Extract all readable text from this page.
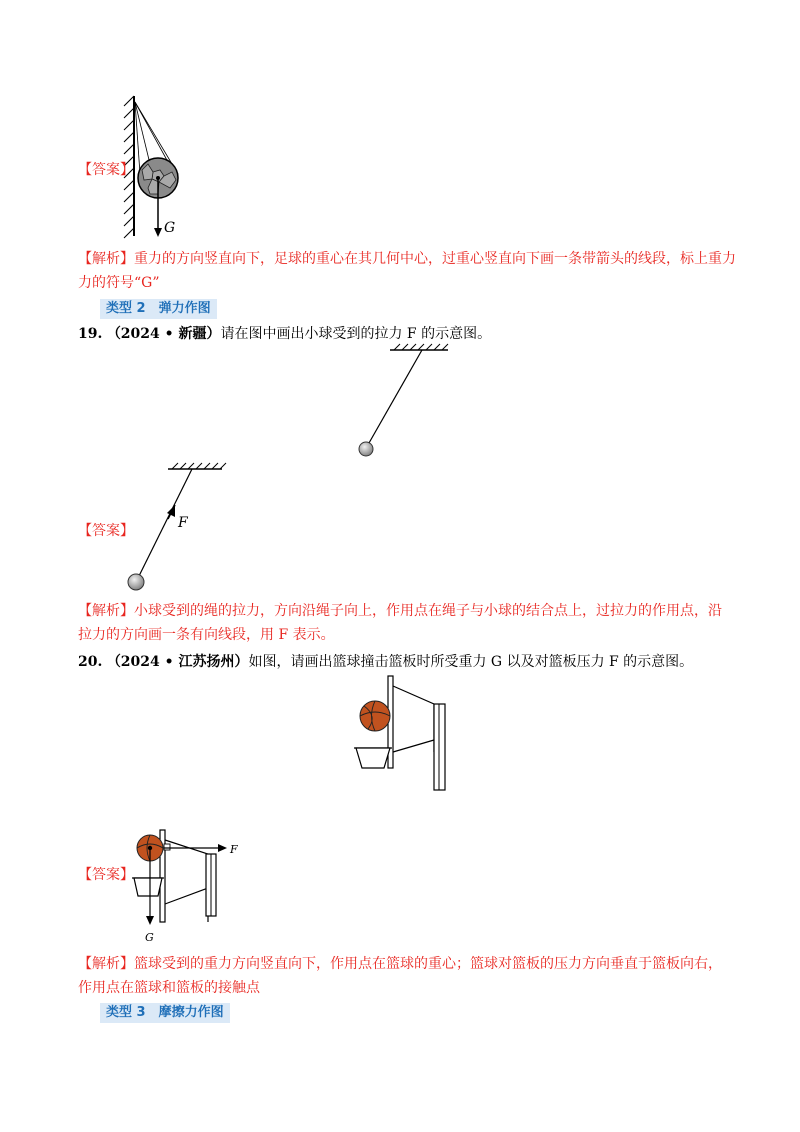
G
【答案】
【解析】重力的方向竖直向下，足球的重心在其几何中心，过重心竖直向下画一条带箭头的线段，标上重力
力的符号“G”
类型 2　弹力作图
19. （2024 • 新疆）请在图中画出小球受到的拉力 F 的示意图。
F
【答案】
【解析】小球受到的绳的拉力，方向沿绳子向上，作用点在绳子与小球的结合点上，过拉力的作用点，沿
拉力的方向画一条有向线段，用 F 表示。
20. （2024 • 江苏扬州）如图，请画出篮球撞击篮板时所受重力 G 以及对篮板压力 F 的示意图。
F
G
【答案】
【解析】篮球受到的重力方向竖直向下，作用点在篮球的重心；篮球对篮板的压力方向垂直于篮板向右，
作用点在篮球和篮板的接触点
类型 3　摩擦力作图
